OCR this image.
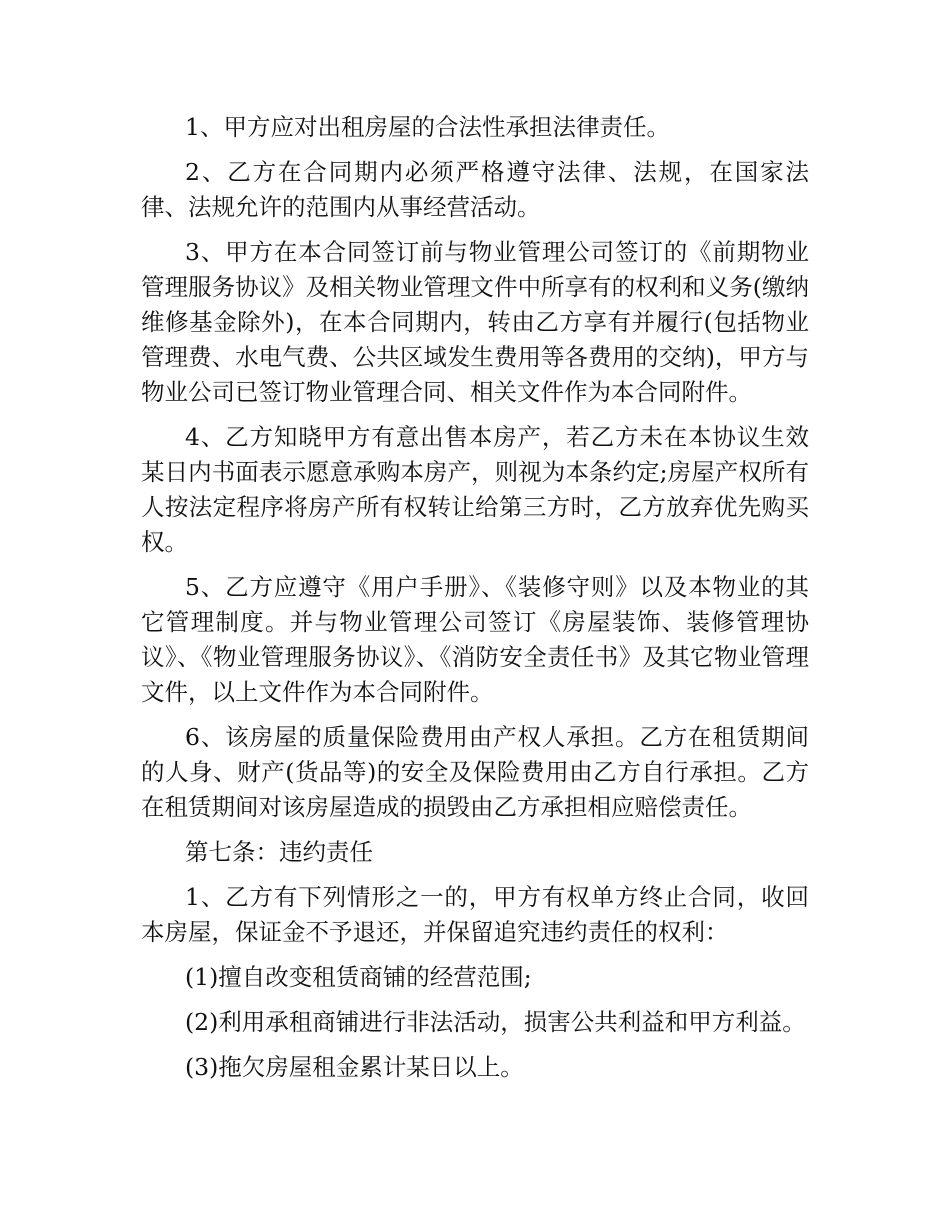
1、甲方应对出租房屋的合法性承担法律责任。

2、乙方在合同期内必须严格遵守法律、法规，在国家法律、法规允许的范围内从事经营活动。

3、甲方在本合同签订前与物业管理公司签订的《前期物业管理服务协议》及相关物业管理文件中所享有的权利和义务(缴纳维修基金除外)，在本合同期内，转由乙方享有并履行(包括物业管理费、水电气费、公共区域发生费用等各费用的交纳)，甲方与物业公司已签订物业管理合同、相关文件作为本合同附件。

4、乙方知晓甲方有意出售本房产，若乙方未在本协议生效某日内书面表示愿意承购本房产，则视为本条约定;房屋产权所有人按法定程序将房产所有权转让给第三方时，乙方放弃优先购买权。

5、乙方应遵守《用户手册》、《装修守则》以及本物业的其它管理制度。并与物业管理公司签订《房屋装饰、装修管理协议》、《物业管理服务协议》、《消防安全责任书》及其它物业管理文件，以上文件作为本合同附件。

6、该房屋的质量保险费用由产权人承担。乙方在租赁期间的人身、财产(货品等)的安全及保险费用由乙方自行承担。乙方在租赁期间对该房屋造成的损毁由乙方承担相应赔偿责任。

第七条：违约责任

1、乙方有下列情形之一的，甲方有权单方终止合同，收回本房屋，保证金不予退还，并保留追究违约责任的权利：

(1)擅自改变租赁商铺的经营范围;

(2)利用承租商铺进行非法活动，损害公共利益和甲方利益。

(3)拖欠房屋租金累计某日以上。
